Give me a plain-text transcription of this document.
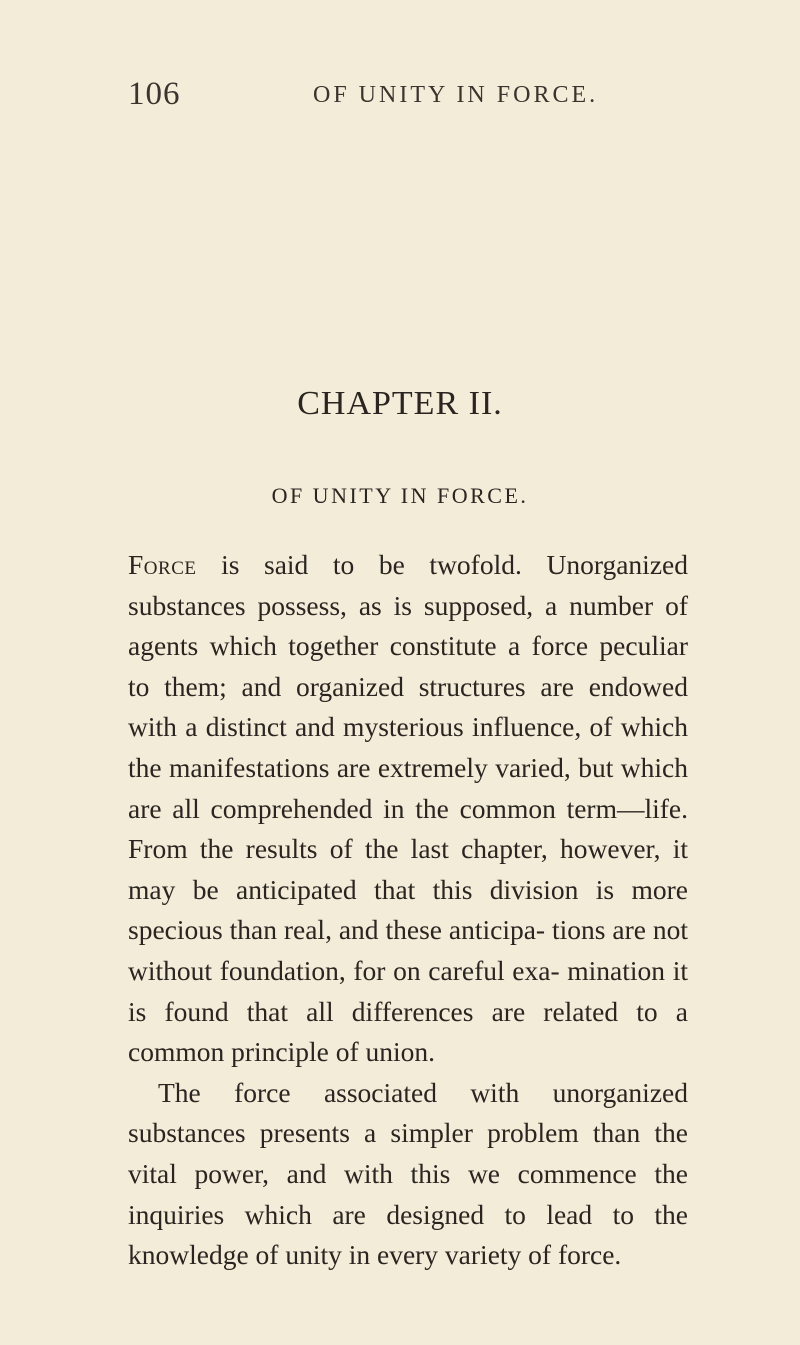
106	OF UNITY IN FORCE.
CHAPTER II.
OF UNITY IN FORCE.

Force is said to be twofold. Unorganized substances possess, as is supposed, a number of agents which together constitute a force peculiar to them; and organized structures are endowed with a distinct and mysterious influence, of which the manifestations are extremely varied, but which are all comprehended in the common term—life. From the results of the last chapter, however, it may be anticipated that this division is more specious than real, and these anticipa- tions are not without foundation, for on careful exa- mination it is found that all differences are related to a common principle of union.

The force associated with unorganized substances presents a simpler problem than the vital power, and with this we commence the inquiries which are designed to lead to the knowledge of unity in every variety of force.
